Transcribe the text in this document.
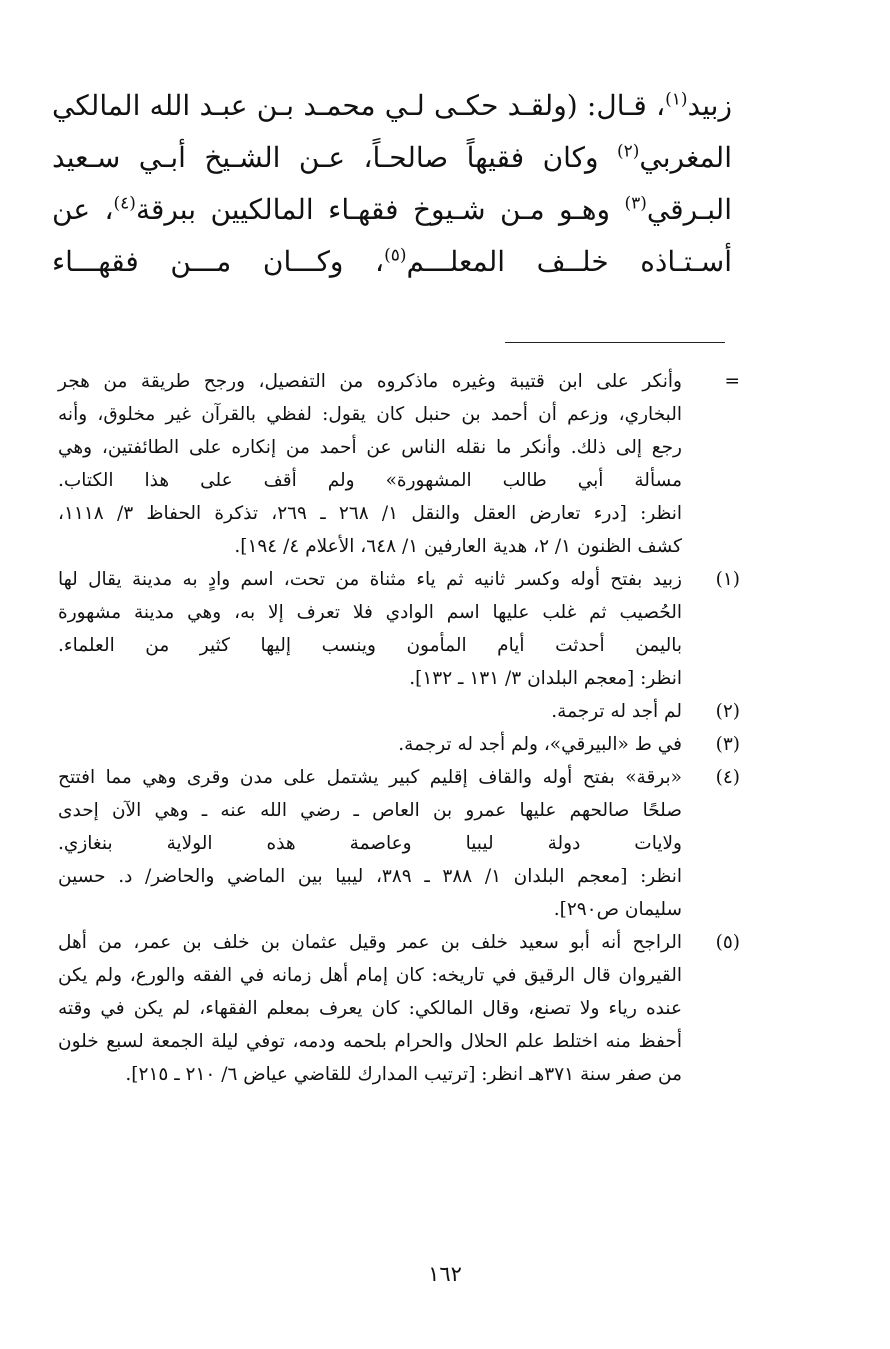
زبيد$^{(١)}$، قـال: (ولقـد حكـى لـي محمـد بـن عبـد الله المالكي
المغربي$^{(٢)}$ وكان فقيهاً صالحـاً، عـن الشـيخ أبـي سـعيد
البـرقي$^{(٣)}$ وهـو مـن شـيوخ فقهـاء المالكيين ببرقة$^{(٤)}$، عن
أسـتـاذه خلــف المعلـــم$^{(٥)}$، وكـــان مـــن فقهـــاء
=
وأنكر على ابن قتيبة وغيره ماذكروه من التفصيل، ورجح طريقة من هجر
البخاري، وزعم أن أحمد بن حنبل كان يقول: لفظي بالقرآن غير مخلوق، وأنه
رجع إلى ذلك. وأنكر ما نقله الناس عن أحمد من إنكاره على الطائفتين، وهي
مسألة أبي طالب المشهورة» ولم أقف على هذا الكتاب.
انظر: [درء تعارض العقل والنقل ١/ ٢٦٨ ـ ٢٦٩، تذكرة الحفاظ ٣/ ١١١٨،
كشف الظنون ١/ ٢، هدية العارفين ١/ ٦٤٨، الأعلام ٤/ ١٩٤].
(١)
زبيد بفتح أوله وكسر ثانيه ثم ياء مثناة من تحت، اسم وادٍ به مدينة يقال لها
الحُصيب ثم غلب عليها اسم الوادي فلا تعرف إلا به، وهي مدينة مشهورة
باليمن أحدثت أيام المأمون وينسب إليها كثير من العلماء.
انظر: [معجم البلدان ٣/ ١٣١ ـ ١٣٢].
(٢)
لم أجد له ترجمة.
(٣)
في ط «البيرقي»، ولم أجد له ترجمة.
(٤)
«برقة» بفتح أوله والقاف إقليم كبير يشتمل على مدن وقرى وهي مما افتتح
صلحًا صالحهم عليها عمرو بن العاص ـ رضي الله عنه ـ وهي الآن إحدى
ولايات دولة ليبيا وعاصمة هذه الولاية بنغازي.
انظر: [معجم البلدان ١/ ٣٨٨ ـ ٣٨٩، ليبيا بين الماضي والحاضر/ د. حسين
سليمان ص٢٩٠].
(٥)
الراجح أنه أبو سعيد خلف بن عمر وقيل عثمان بن خلف بن عمر، من أهل
القيروان قال الرقيق في تاريخه: كان إمام أهل زمانه في الفقه والورع، ولم يكن
عنده رياء ولا تصنع، وقال المالكي: كان يعرف بمعلم الفقهاء، لم يكن في وقته
أحفظ منه اختلط علم الحلال والحرام بلحمه ودمه، توفي ليلة الجمعة لسبع خلون
من صفر سنة ٣٧١هـ انظر: [ترتيب المدارك للقاضي عياض ٦/ ٢١٠ ـ ٢١٥].
١٦٢
